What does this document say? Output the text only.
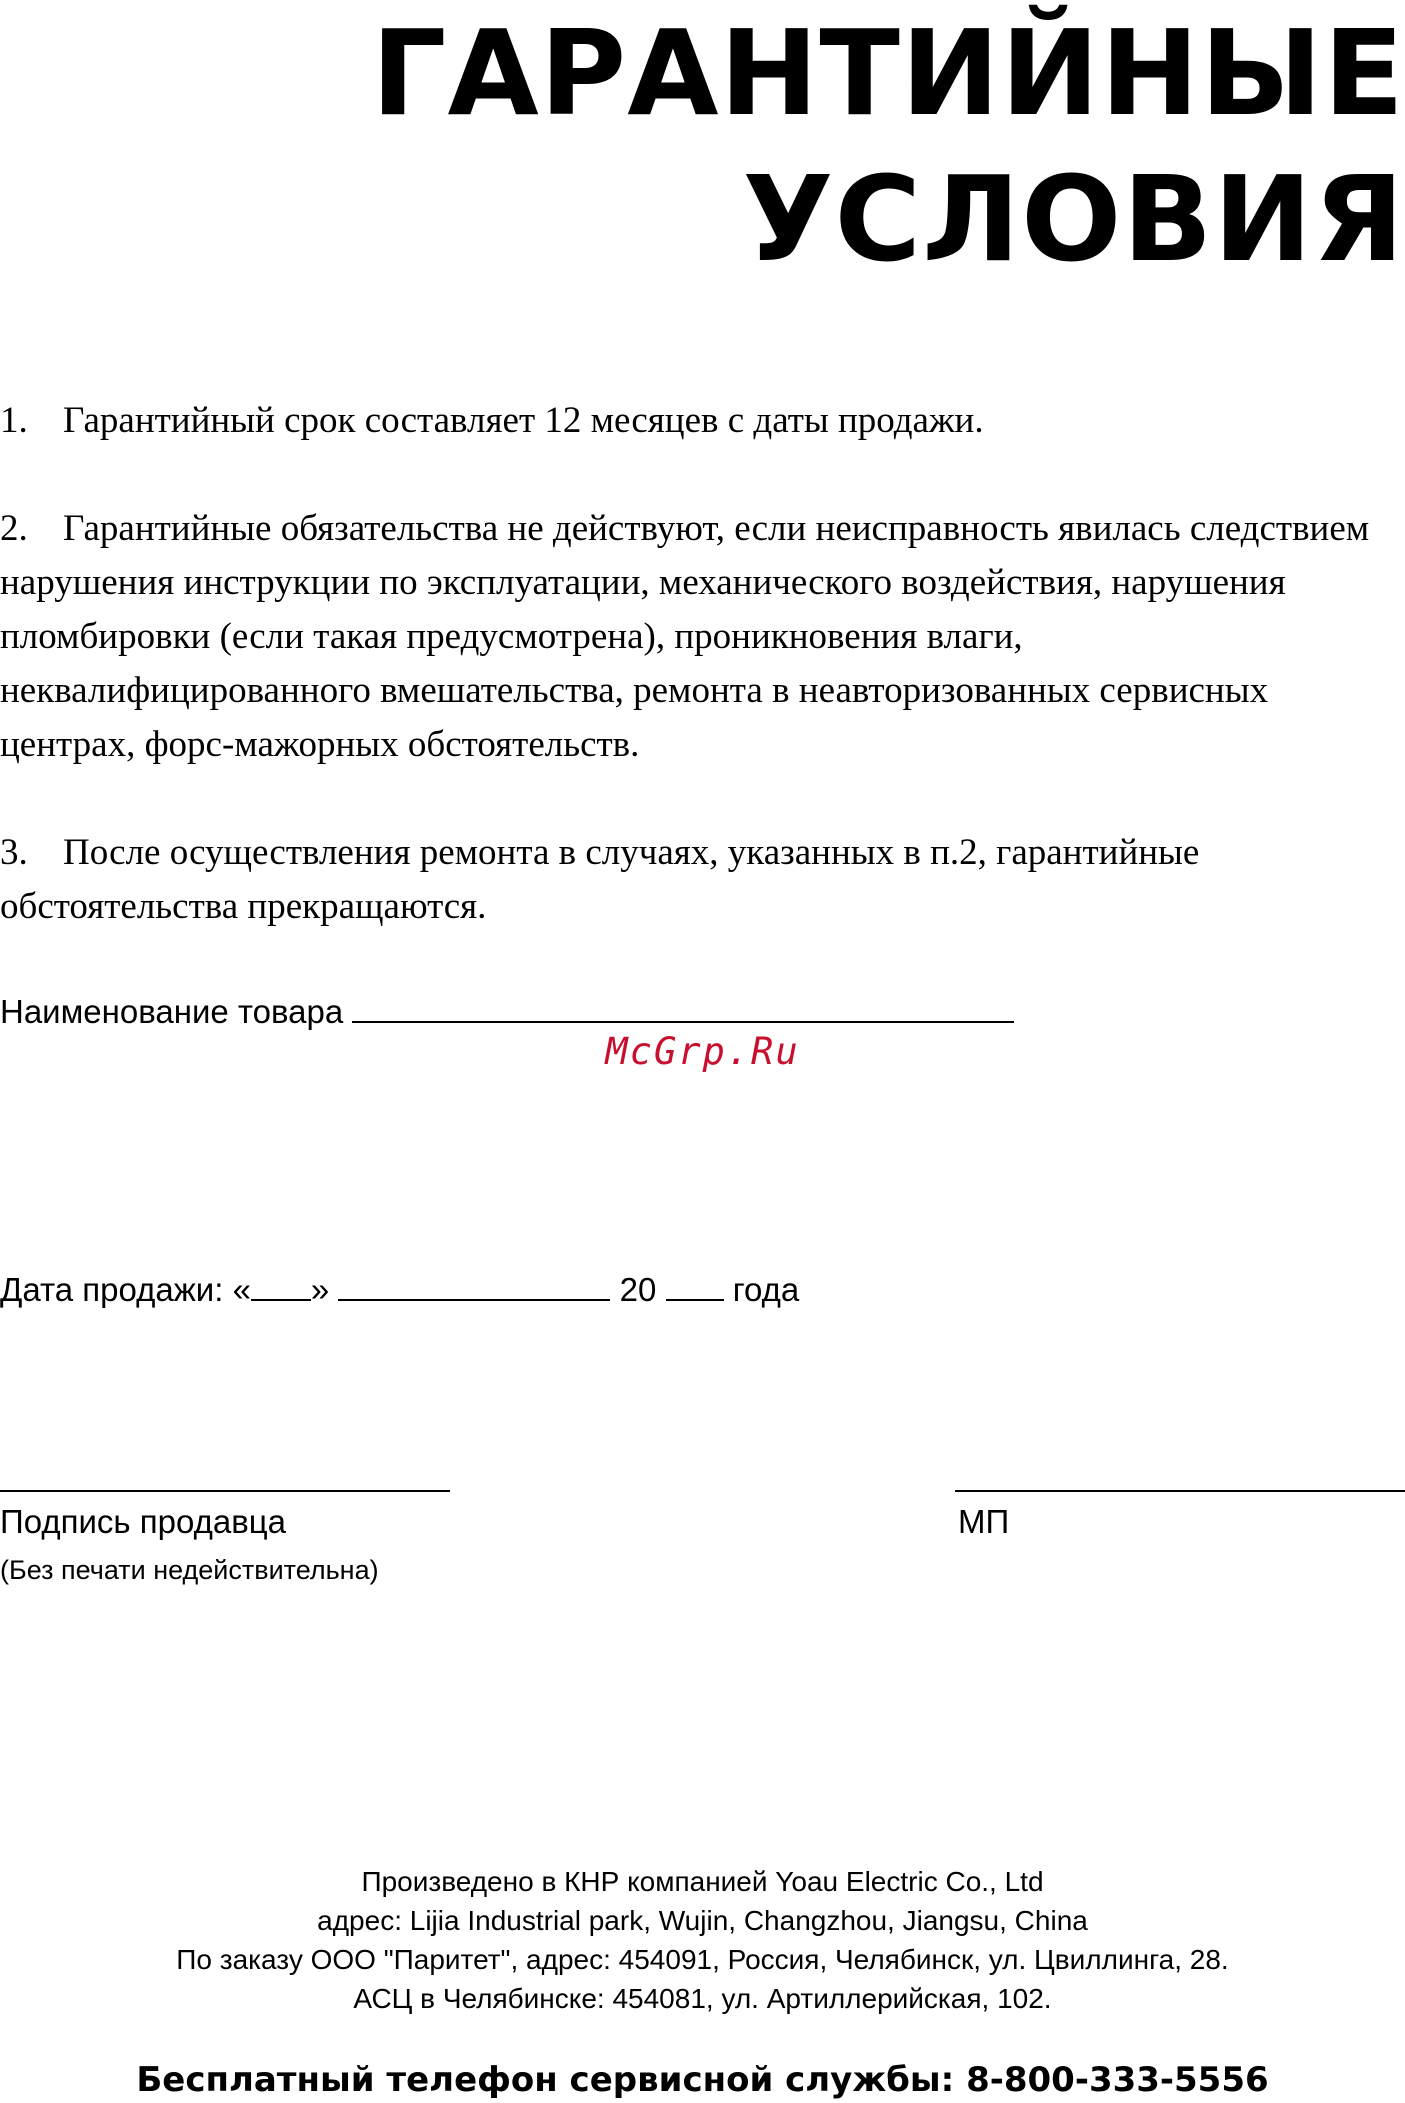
ГАРАНТИЙНЫЕ
УСЛОВИЯ

1. Гарантийный срок составляет 12 месяцев с даты продажи.

2. Гарантийные обязательства не действуют, если неисправность явилась следствием нарушения инструкции по эксплуатации, механического воздействия, нарушения пломбировки (если такая предусмотрена), проникновения влаги, неквалифицированного вмешательства, ремонта в неавторизованных сервисных центрах, форс-мажорных обстоятельств.

3. После осуществления ремонта в случаях, указанных в п.2, гарантийные обстоятельства прекращаются.

Наименование товара
McGrp.Ru
Дата продажи: « »	20 года
Подпись продавца	МП
(Без печати недействительна)
Произведено в КНР компанией Yoau Electric Co., Ltd
адрес: Lijia Industrial park, Wujin, Changzhou, Jiangsu, China
По заказу ООО "Паритет", адрес: 454091, Россия, Челябинск, ул. Цвиллинга, 28.
АСЦ в Челябинске: 454081, ул. Артиллерийская, 102.
Бесплатный телефон сервисной службы: 8-800-333-5556
